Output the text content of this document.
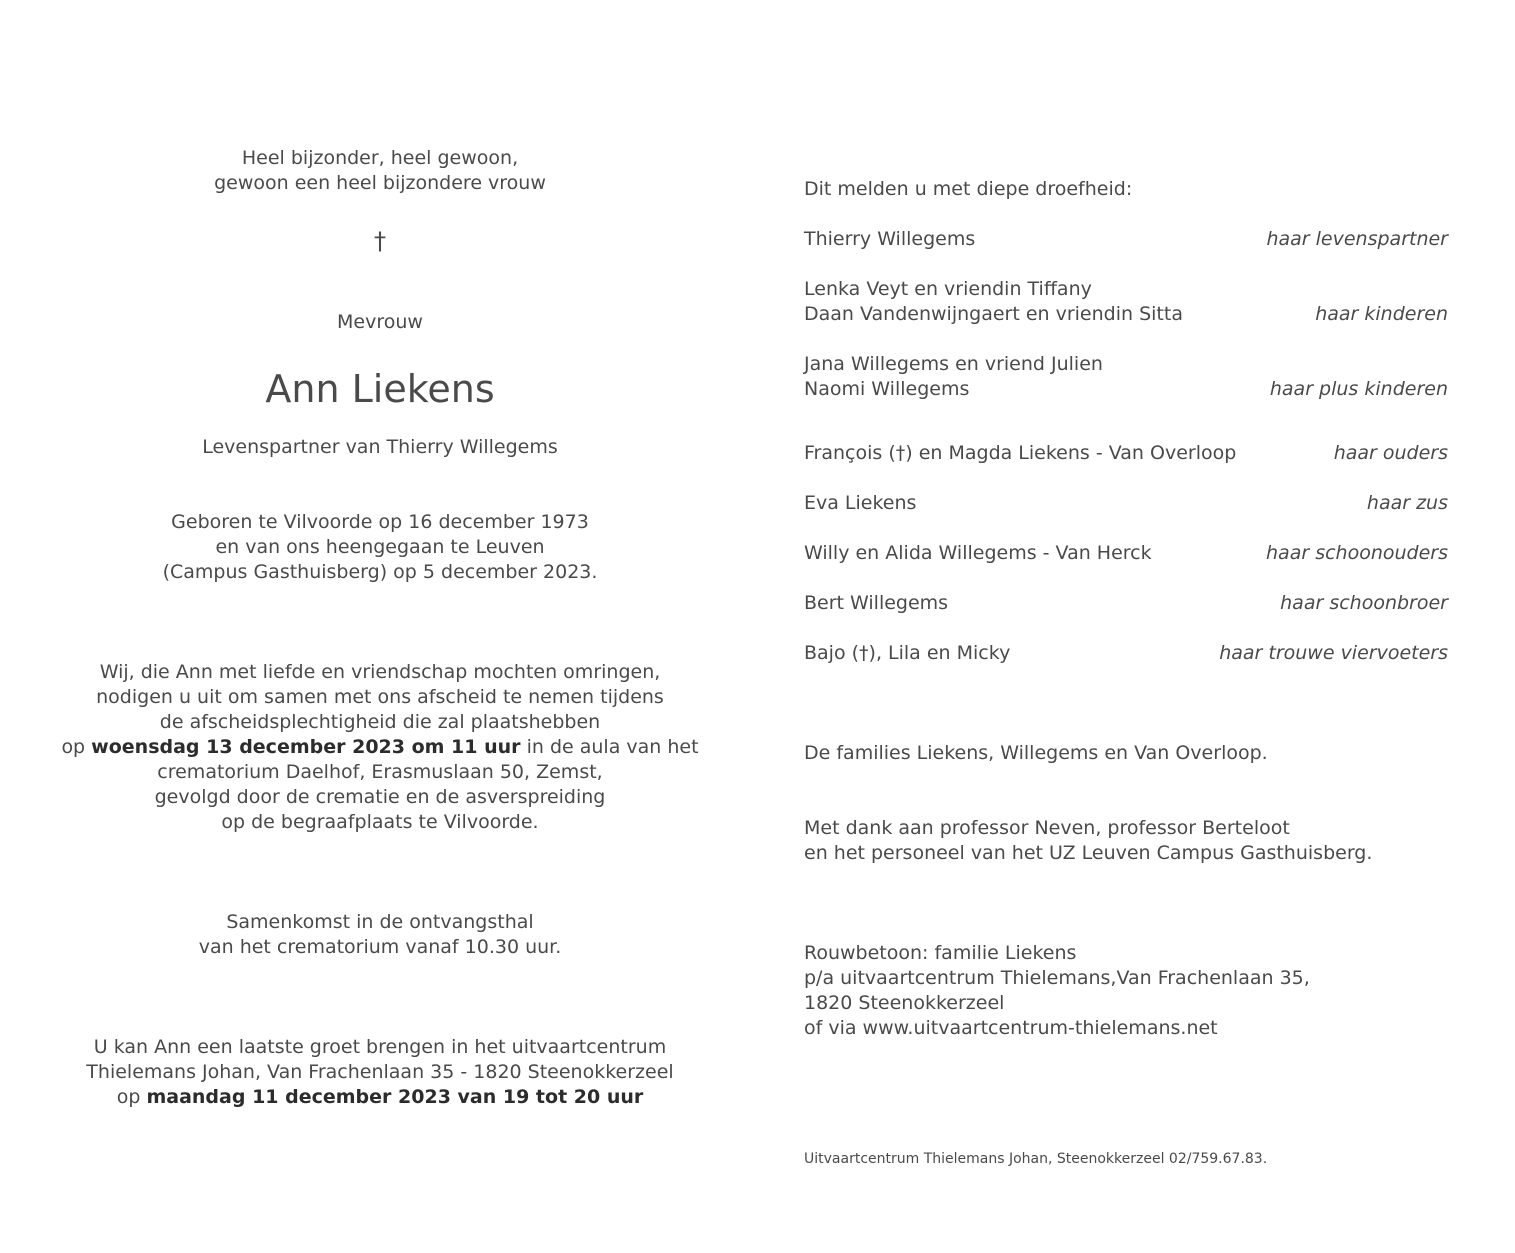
Heel bijzonder, heel gewoon,
gewoon een heel bijzondere vrouw
†
Mevrouw
Ann Liekens
Levenspartner van Thierry Willegems
Geboren te Vilvoorde op 16 december 1973
en van ons heengegaan te Leuven
(Campus Gasthuisberg) op 5 december 2023.
Wij, die Ann met liefde en vriendschap mochten omringen,
nodigen u uit om samen met ons afscheid te nemen tijdens
de afscheidsplechtigheid die zal plaatshebben
op woensdag 13 december 2023 om 11 uur in de aula van het
crematorium Daelhof, Erasmuslaan 50, Zemst,
gevolgd door de crematie en de asverspreiding
op de begraafplaats te Vilvoorde.
Samenkomst in de ontvangsthal
van het crematorium vanaf 10.30 uur.
U kan Ann een laatste groet brengen in het uitvaartcentrum
Thielemans Johan, Van Frachenlaan 35 - 1820 Steenokkerzeel
op maandag 11 december 2023 van 19 tot 20 uur
Dit melden u met diepe droefheid:
Thierry Willegems	haar levenspartner
Lenka Veyt en vriendin Tiffany
Daan Vandenwijngaert en vriendin Sitta	haar kinderen
Jana Willegems en vriend Julien
Naomi Willegems	haar plus kinderen
François (†) en Magda Liekens - Van Overloop	haar ouders
Eva Liekens	haar zus
Willy en Alida Willegems - Van Herck	haar schoonouders
Bert Willegems	haar schoonbroer
Bajo (†), Lila en Micky	haar trouwe viervoeters
De families Liekens, Willegems en Van Overloop.
Met dank aan professor Neven, professor Berteloot
en het personeel van het UZ Leuven Campus Gasthuisberg.
Rouwbetoon: familie Liekens
p/a uitvaartcentrum Thielemans,Van Frachenlaan 35,
1820 Steenokkerzeel
of via www.uitvaartcentrum-thielemans.net
Uitvaartcentrum Thielemans Johan, Steenokkerzeel 02/759.67.83.
